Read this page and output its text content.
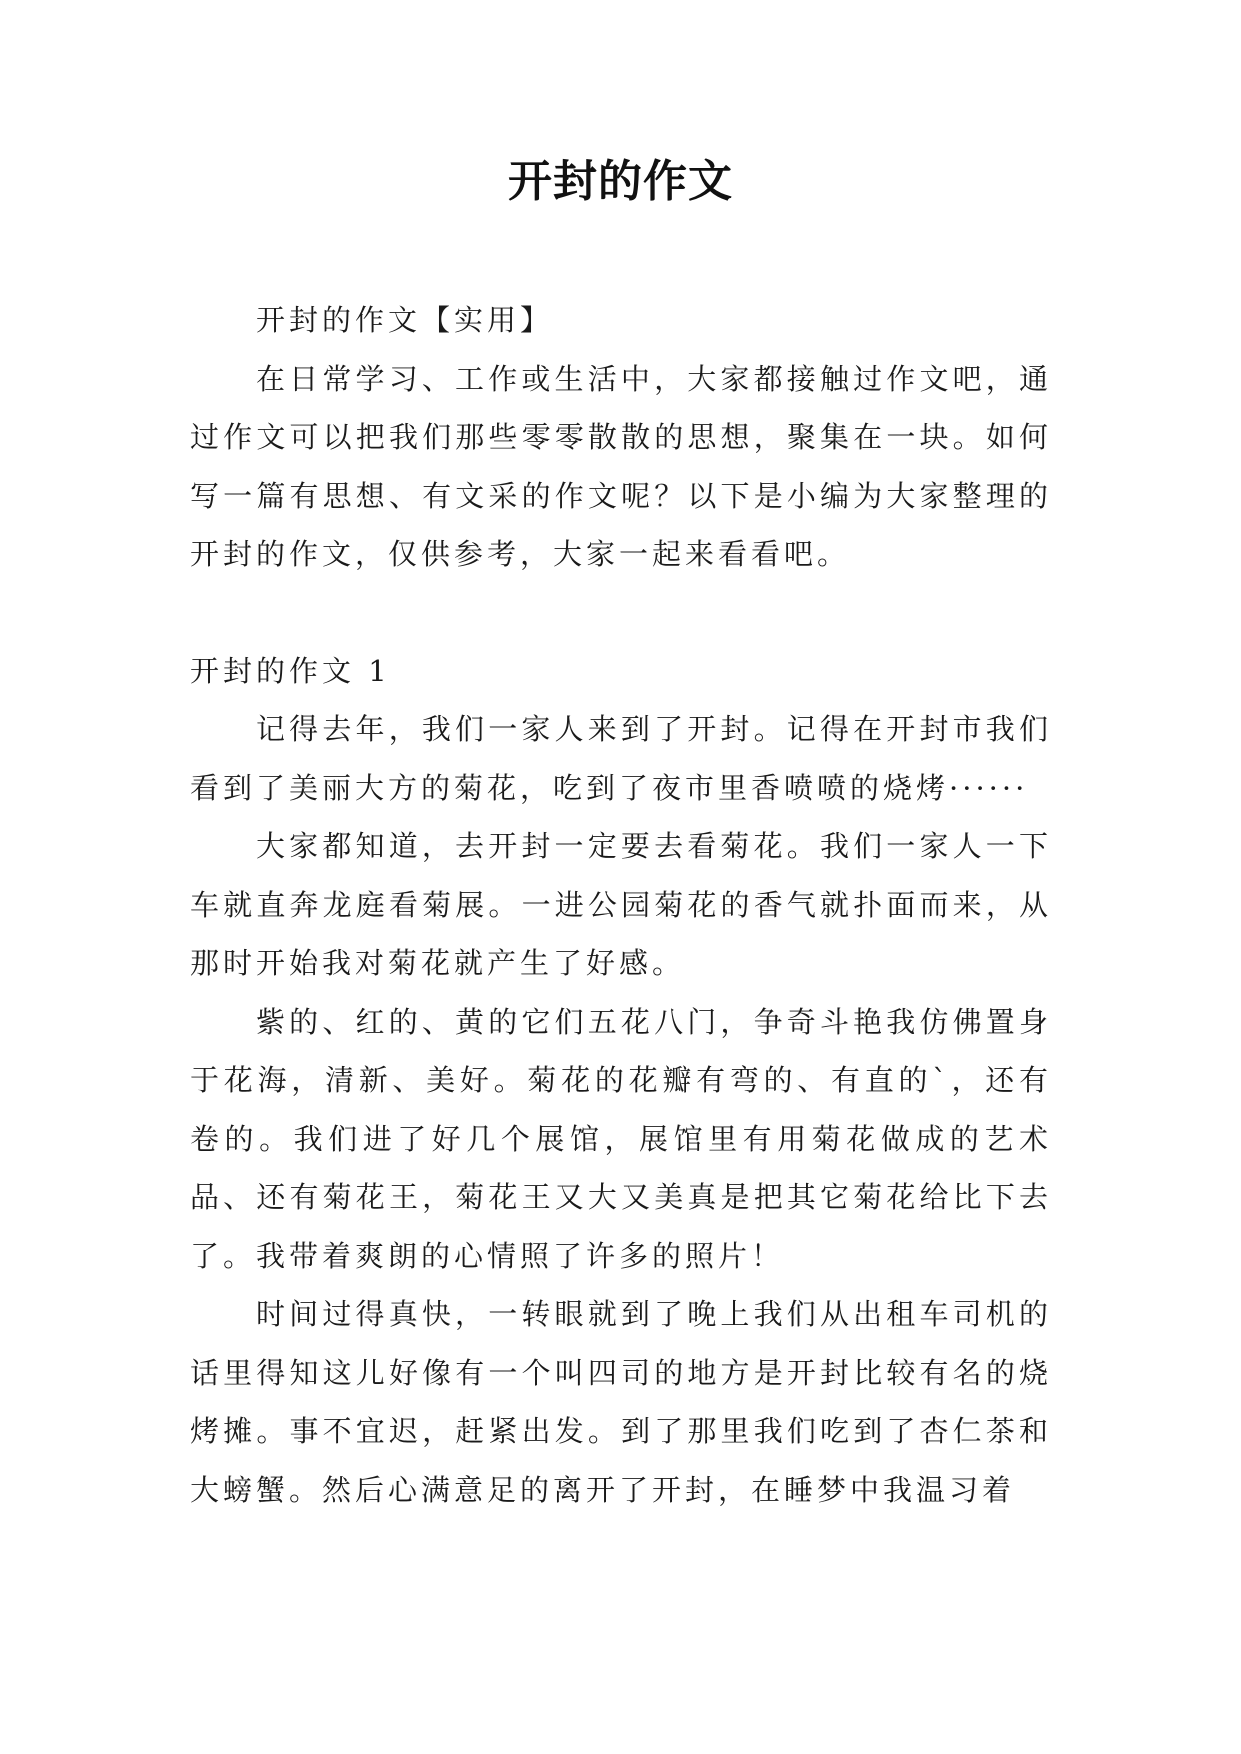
开封的作文

开封的作文【实用】

在日常学习、工作或生活中，大家都接触过作文吧，通过作文可以把我们那些零零散散的思想，聚集在一块。如何写一篇有思想、有文采的作文呢？以下是小编为大家整理的开封的作文，仅供参考，大家一起来看看吧。

开封的作文 1

记得去年，我们一家人来到了开封。记得在开封市我们看到了美丽大方的菊花，吃到了夜市里香喷喷的烧烤······

大家都知道，去开封一定要去看菊花。我们一家人一下车就直奔龙庭看菊展。一进公园菊花的香气就扑面而来，从那时开始我对菊花就产生了好感。

紫的、红的、黄的它们五花八门，争奇斗艳我仿佛置身于花海，清新、美好。菊花的花瓣有弯的、有直的`，还有卷的。我们进了好几个展馆，展馆里有用菊花做成的艺术品、还有菊花王，菊花王又大又美真是把其它菊花给比下去了。我带着爽朗的心情照了许多的照片！

时间过得真快，一转眼就到了晚上我们从出租车司机的话里得知这儿好像有一个叫四司的地方是开封比较有名的烧烤摊。事不宜迟，赶紧出发。到了那里我们吃到了杏仁茶和大螃蟹。然后心满意足的离开了开封，在睡梦中我温习着
